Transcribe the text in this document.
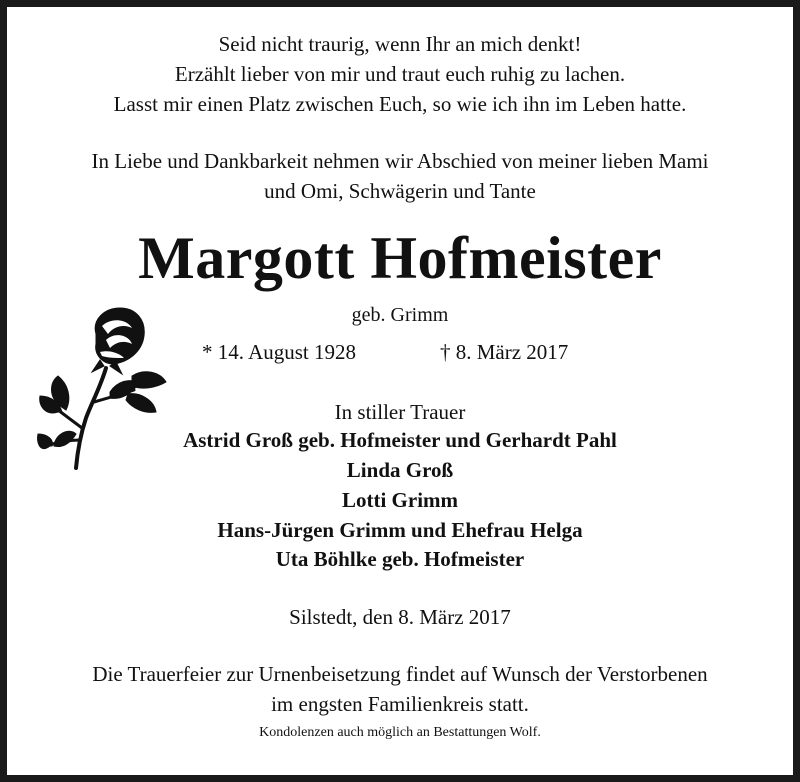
Seid nicht traurig, wenn Ihr an mich denkt!
Erzählt lieber von mir und traut euch ruhig zu lachen.
Lasst mir einen Platz zwischen Euch, so wie ich ihn im Leben hatte.
In Liebe und Dankbarkeit nehmen wir Abschied von meiner lieben Mami
und Omi, Schwägerin und Tante
Margott Hofmeister
geb. Grimm
* 14. August 1928	† 8. März 2017
In stiller Trauer
Astrid Groß geb. Hofmeister und Gerhardt Pahl
Linda Groß
Lotti Grimm
Hans-Jürgen Grimm und Ehefrau Helga
Uta Böhlke geb. Hofmeister
Silstedt, den 8. März 2017
Die Trauerfeier zur Urnenbeisetzung findet auf Wunsch der Verstorbenen
im engsten Familienkreis statt.
Kondolenzen auch möglich an Bestattungen Wolf.
